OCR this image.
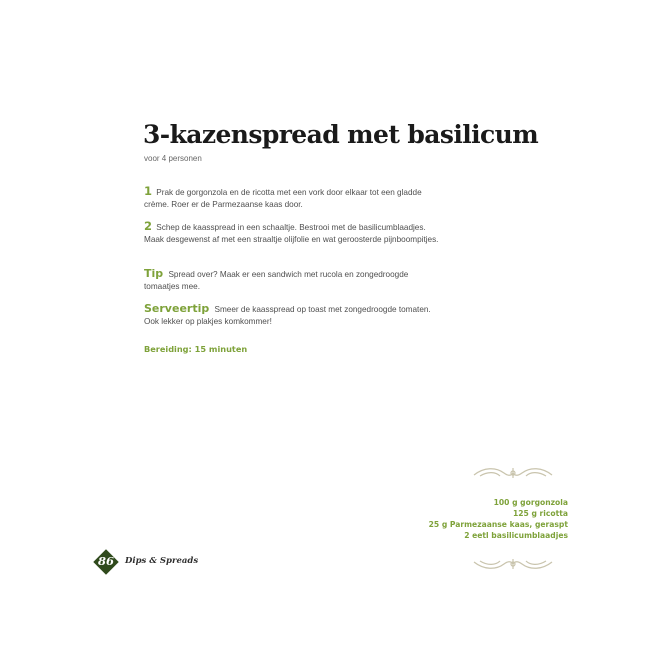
3-kazenspread met basilicum
voor 4 personen
1 Prak de gorgonzola en de ricotta met een vork door elkaar tot een gladde crème. Roer er de Parmezaanse kaas door.
2 Schep de kaasspread in een schaaltje. Bestrooi met de basilicumblaadjes. Maak desgewenst af met een straaltje olijfolie en wat geroosterde pijnboompitjes.
Tip Spread over? Maak er een sandwich met rucola en zongedroogde tomaatjes mee.
Serveertip Smeer de kaasspread op toast met zongedroogde tomaten. Ook lekker op plakjes komkommer!
Bereiding: 15 minuten
100 g gorgonzola
125 g ricotta
25 g Parmezaanse kaas, geraspt
2 eetl basilicumblaadjes
86	Dips & Spreads
